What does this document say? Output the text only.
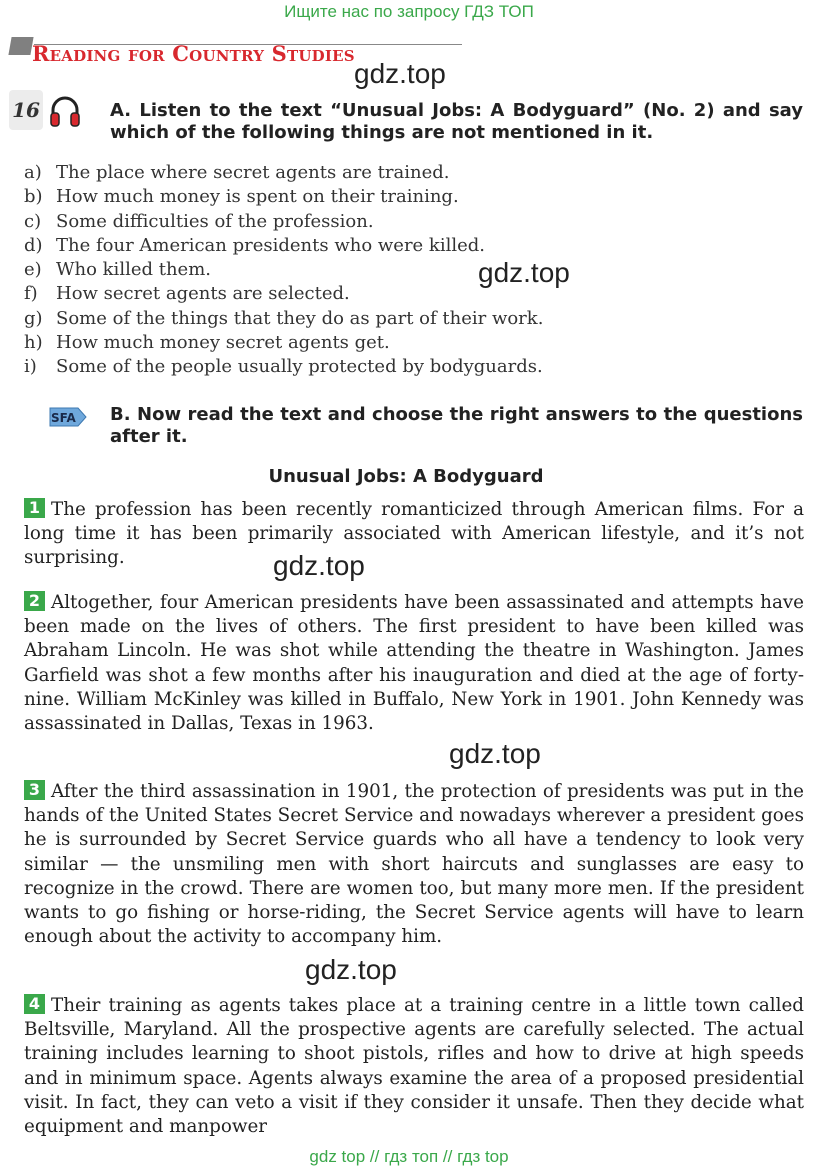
Ищите нас по запросу ГДЗ ТОП
Reading for Country Studies
gdz.top
gdz.top
gdz.top
gdz.top
gdz.top
16	A. Listen to the text “Unusual Jobs: A Bodyguard” (No. 2) and say which of the following things are not mentioned in it.
a) The place where secret agents are trained.
b) How much money is spent on their training.
c) Some difficulties of the profession.
d) The four American presidents who were killed.
e) Who killed them.
f) How secret agents are selected.
g) Some of the things that they do as part of their work.
h) How much money secret agents get.
i) Some of the people usually protected by bodyguards.
SFA B. Now read the text and choose the right answers to the questions after it.
Unusual Jobs: A Bodyguard
1 The profession has been recently romanticized through American films. For a long time it has been primarily associated with American lifestyle, and it’s not surprising.
2 Altogether, four American presidents have been assassinated and attempts have been made on the lives of others. The first president to have been killed was Abraham Lincoln. He was shot while attending the theatre in Washington. James Garfield was shot a few months after his inauguration and died at the age of forty-nine. William McKinley was killed in Buffalo, New York in 1901. John Kennedy was assassinated in Dallas, Texas in 1963.
3 After the third assassination in 1901, the protection of presidents was put in the hands of the United States Secret Service and nowadays wherever a president goes he is surrounded by Secret Service guards who all have a tendency to look very similar — the unsmiling men with short haircuts and sunglasses are easy to recognize in the crowd. There are women too, but many more men. If the president wants to go fishing or horse-riding, the Secret Service agents will have to learn enough about the activity to accompany him.
4 Their training as agents takes place at a training centre in a little town called Beltsville, Maryland. All the prospective agents are carefully selected. The actual training includes learning to shoot pistols, rifles and how to drive at high speeds and in minimum space. Agents always examine the area of a proposed presidential visit. In fact, they can veto a visit if they consider it unsafe. Then they decide what equipment and manpower
gdz top // гдз топ // гдз top
